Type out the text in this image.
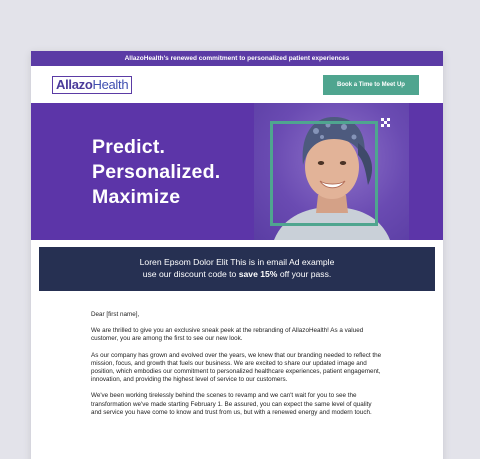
AllazoHealth's renewed commitment to personalized patient experiences
AllazoHealth	Book a Time to Meet Up
Predict.
Personalized.
Maximize
Loren Epsom Dolor Elit This is in email Ad example
use our discount code to save 15% off your pass.

Dear [first name],

We are thrilled to give you an exclusive sneak peek at the rebranding of AllazoHealth! As a valued customer, you are among the first to see our new look.

As our company has grown and evolved over the years, we knew that our branding needed to reflect the mission, focus, and growth that fuels our business. We are excited to share our updated image and position, which embodies our commitment to personalized healthcare experiences, patient engagement, innovation, and providing the highest level of service to our customers.

We've been working tirelessly behind the scenes to revamp and we can't wait for you to see the transformation we've made starting February 1. Be assured, you can expect the same level of quality and service you have come to know and trust from us, but with a renewed energy and modern touch.
